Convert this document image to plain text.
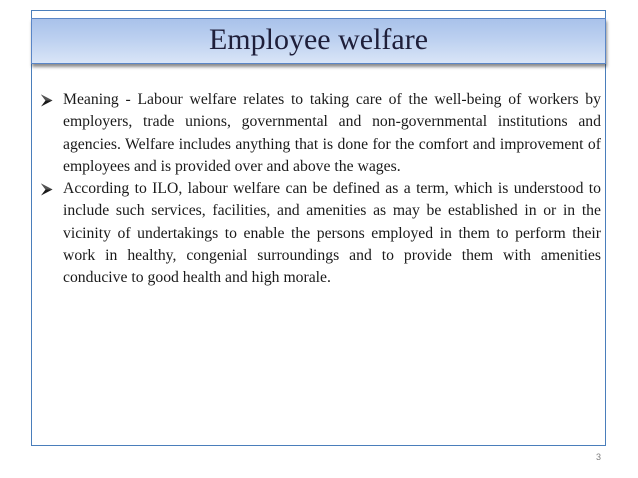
Employee welfare
Meaning - Labour welfare relates to taking care of the well-being of workers by employers, trade unions, governmental and non-governmental institutions and agencies. Welfare includes anything that is done for the comfort and improvement of employees and is provided over and above the wages.
According to ILO, labour welfare can be defined as a term, which is understood to include such services, facilities, and amenities as may be established in or in the vicinity of undertakings to enable the persons employed in them to perform their work in healthy, congenial surroundings and to provide them with amenities conducive to good health and high morale.
3
